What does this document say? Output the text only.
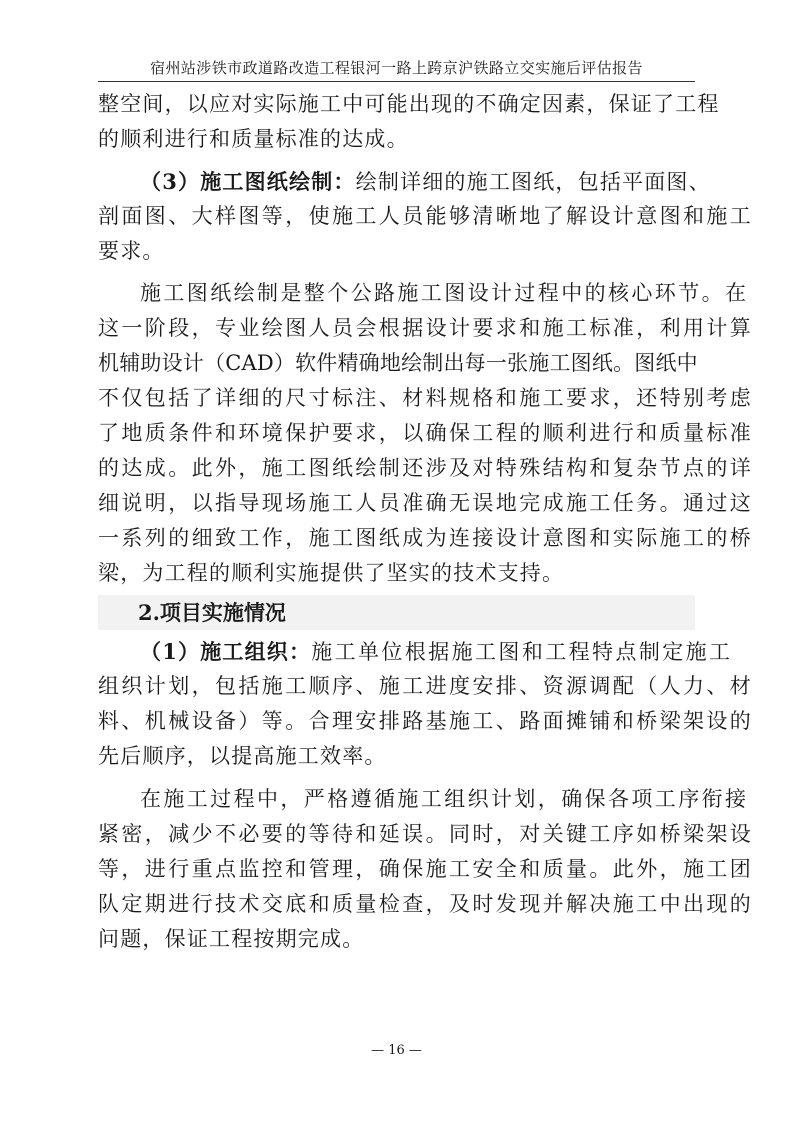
宿州站涉铁市政道路改造工程银河一路上跨京沪铁路立交实施后评估报告
整空间，以应对实际施工中可能出现的不确定因素，保证了工程
的顺利进行和质量标准的达成。
（3）施工图纸绘制：绘制详细的施工图纸，包括平面图、
剖面图、大样图等，使施工人员能够清晰地了解设计意图和施工
要求。
施工图纸绘制是整个公路施工图设计过程中的核心环节。在
这一阶段，专业绘图人员会根据设计要求和施工标准，利用计算
机辅助设计（CAD）软件精确地绘制出每一张施工图纸。图纸中
不仅包括了详细的尺寸标注、材料规格和施工要求，还特别考虑
了地质条件和环境保护要求，以确保工程的顺利进行和质量标准
的达成。此外，施工图纸绘制还涉及对特殊结构和复杂节点的详
细说明，以指导现场施工人员准确无误地完成施工任务。通过这
一系列的细致工作，施工图纸成为连接设计意图和实际施工的桥
梁，为工程的顺利实施提供了坚实的技术支持。
2.项目实施情况
（1）施工组织：施工单位根据施工图和工程特点制定施工
组织计划，包括施工顺序、施工进度安排、资源调配（人力、材
料、机械设备）等。合理安排路基施工、路面摊铺和桥梁架设的
先后顺序，以提高施工效率。
在施工过程中，严格遵循施工组织计划，确保各项工序衔接
紧密，减少不必要的等待和延误。同时，对关键工序如桥梁架设
等，进行重点监控和管理，确保施工安全和质量。此外，施工团
队定期进行技术交底和质量检查，及时发现并解决施工中出现的
问题，保证工程按期完成。
— 16 —
